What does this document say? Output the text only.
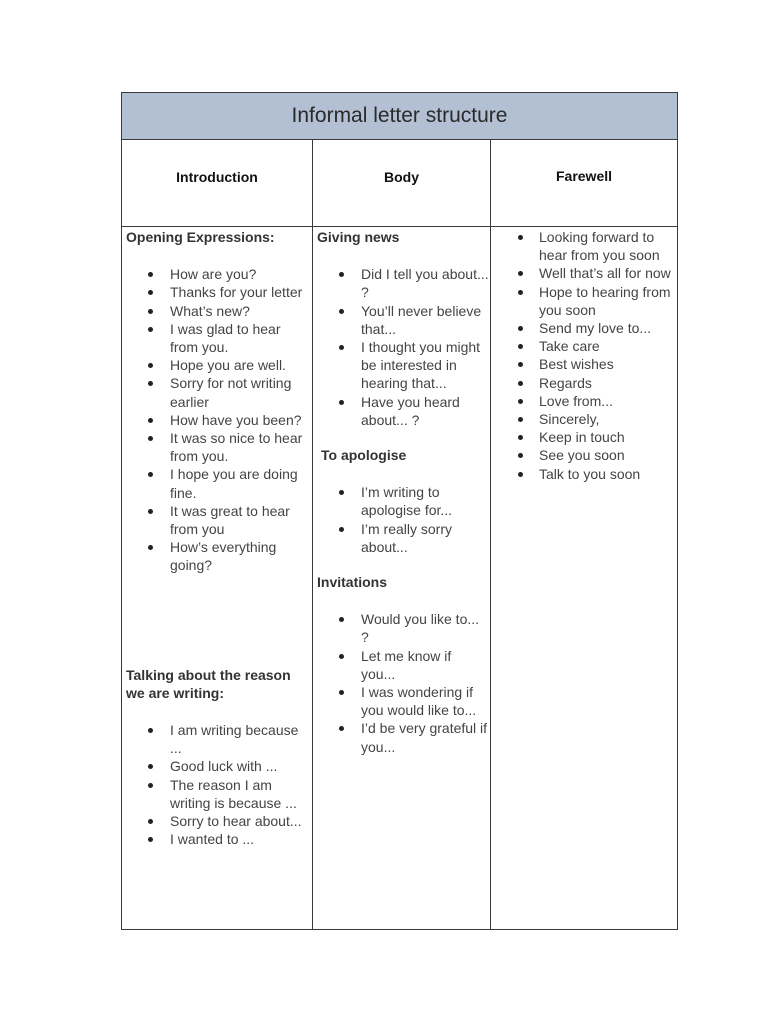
Informal letter structure
Introduction	Body	Farewell
Opening Expressions:
How are you?
Thanks for your letter
What’s new?
I was glad to hear from you.
Hope you are well.
Sorry for not writing earlier
How have you been?
It was so nice to hear from you.
I hope you are doing fine.
It was great to hear from you
How’s everything going?
Talking about the reason we are writing:
I am writing because ...
Good luck with ...
The reason I am writing is because ...
Sorry to hear about...
I wanted to ...
Giving news
Did I tell you about... ?
You’ll never believe that...
I thought you might be interested in hearing that...
Have you heard about... ?
To apologise
I’m writing to apologise for...
I’m really sorry about...
Invitations
Would you like to... ?
Let me know if you...
I was wondering if you would like to...
I’d be very grateful if you...
Looking forward to hear from you soon
Well that’s all for now
Hope to hearing from you soon
Send my love to...
Take care
Best wishes
Regards
Love from...
Sincerely,
Keep in touch
See you soon
Talk to you soon
